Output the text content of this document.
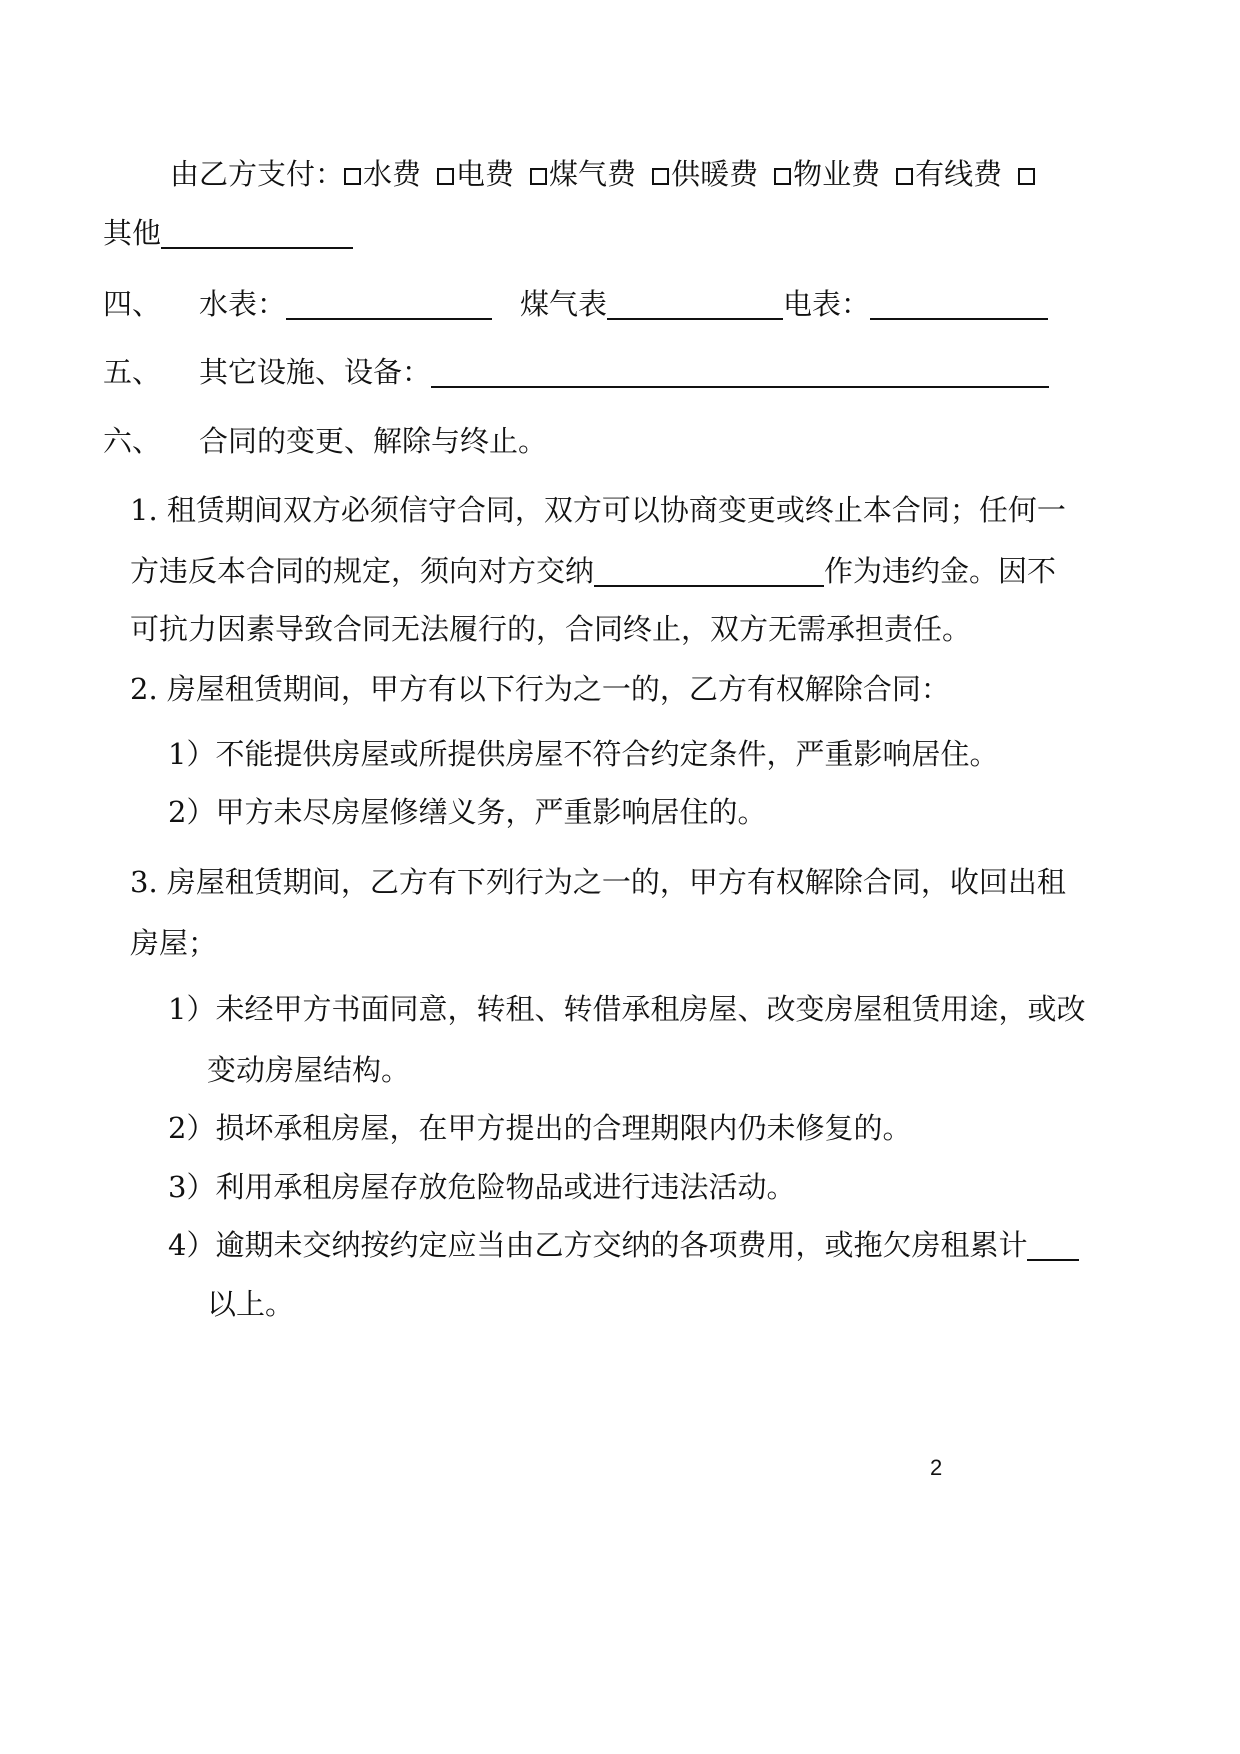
由乙方支付： 水费 电费 煤气费 供暖费 物业费 有线费
其他
四、 水表：	煤气表	电表：
五、 其它设施、设备：
六、 合同的变更、解除与终止。
1. 租赁期间双方必须信守合同，双方可以协商变更或终止本合同；任何一
方违反本合同的规定，须向对方交纳	作为违约金。因不
可抗力因素导致合同无法履行的，合同终止，双方无需承担责任。
2. 房屋租赁期间，甲方有以下行为之一的，乙方有权解除合同：
1）不能提供房屋或所提供房屋不符合约定条件，严重影响居住。
2）甲方未尽房屋修缮义务，严重影响居住的。
3. 房屋租赁期间，乙方有下列行为之一的，甲方有权解除合同，收回出租
房屋；
1）未经甲方书面同意，转租、转借承租房屋、改变房屋租赁用途，或改
变动房屋结构。
2）损坏承租房屋，在甲方提出的合理期限内仍未修复的。
3）利用承租房屋存放危险物品或进行违法活动。
4）逾期未交纳按约定应当由乙方交纳的各项费用，或拖欠房租累计
以上。
2
